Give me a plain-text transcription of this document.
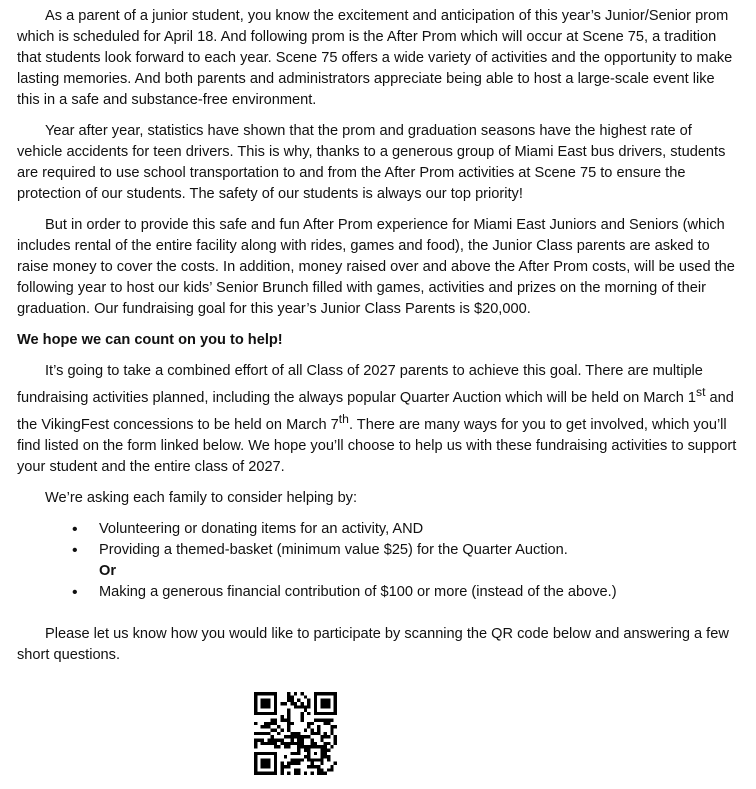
As a parent of a junior student, you know the excitement and anticipation of this year’s Junior/Senior prom which is scheduled for April 18. And following prom is the After Prom which will occur at Scene 75, a tradition that students look forward to each year. Scene 75 offers a wide variety of activities and the opportunity to make lasting memories. And both parents and administrators appreciate being able to host a large-scale event like this in a safe and substance-free environment.

Year after year, statistics have shown that the prom and graduation seasons have the highest rate of vehicle accidents for teen drivers. This is why, thanks to a generous group of Miami East bus drivers, students are required to use school transportation to and from the After Prom activities at Scene 75 to ensure the protection of our students. The safety of our students is always our top priority!

But in order to provide this safe and fun After Prom experience for Miami East Juniors and Seniors (which includes rental of the entire facility along with rides, games and food), the Junior Class parents are asked to raise money to cover the costs. In addition, money raised over and above the After Prom costs, will be used the following year to host our kids’ Senior Brunch filled with games, activities and prizes on the morning of their graduation. Our fundraising goal for this year’s Junior Class Parents is $20,000.

We hope we can count on you to help!

It’s going to take a combined effort of all Class of 2027 parents to achieve this goal. There are multiple fundraising activities planned, including the always popular Quarter Auction which will be held on March 1st and the VikingFest concessions to be held on March 7th. There are many ways for you to get involved, which you’ll find listed on the form linked below. We hope you’ll choose to help us with these fundraising activities to support your student and the entire class of 2027.

We’re asking each family to consider helping by:

• Volunteering or donating items for an activity, AND
• Providing a themed-basket (minimum value $25) for the Quarter Auction.
Or
• Making a generous financial contribution of $100 or more (instead of the above.)

Please let us know how you would like to participate by scanning the QR code below and answering a few short questions.
